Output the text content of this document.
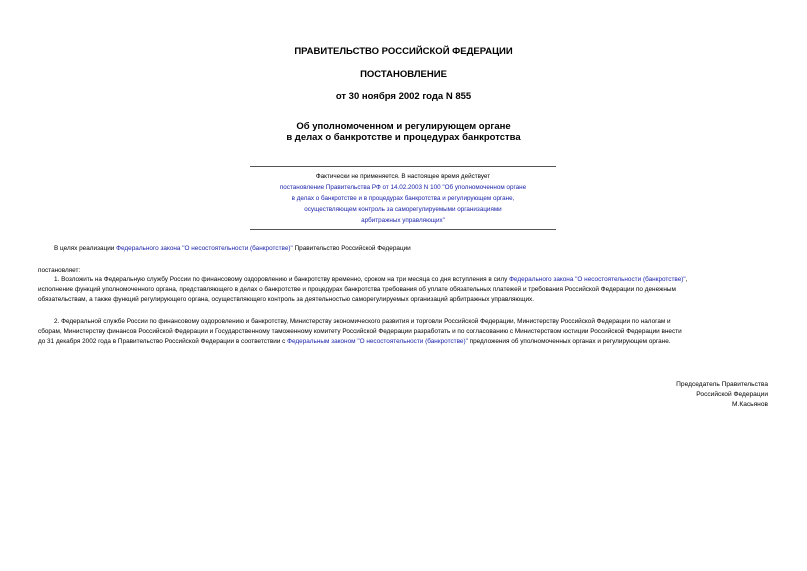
ПРАВИТЕЛЬСТВО РОССИЙСКОЙ ФЕДЕРАЦИИ
ПОСТАНОВЛЕНИЕ
от 30 ноября 2002 года N 855
Об уполномоченном и регулирующем органе
в делах о банкротстве и процедурах банкротства
Фактически не применяется. В настоящее время действует
постановление Правительства РФ от 14.02.2003 N 100 "Об уполномоченном органе
в делах о банкротстве и в процедурах банкротства и регулирующем органе,
осуществляющем контроль за саморегулируемыми организациями
арбитражных управляющих"
В целях реализации Федерального закона "О несостоятельности (банкротстве)" Правительство Российской Федерации
постановляет:
1. Возложить на Федеральную службу России по финансовому оздоровлению и банкротству временно, сроком на три месяца со дня вступления в силу Федерального закона "О несостоятельности (банкротстве)",
исполнение функций уполномоченного органа, представляющего в делах о банкротстве и процедурах банкротства требования об уплате обязательных платежей и требования Российской Федерации по денежным
обязательствам, а также функций регулирующего органа, осуществляющего контроль за деятельностью саморегулируемых организаций арбитражных управляющих.
2. Федеральной службе России по финансовому оздоровлению и банкротству, Министерству экономического развития и торговли Российской Федерации, Министерству Российской Федерации по налогам и
сборам, Министерству финансов Российской Федерации и Государственному таможенному комитету Российской Федерации разработать и по согласованию с Министерством юстиции Российской Федерации внести
до 31 декабря 2002 года в Правительство Российской Федерации в соответствии с Федеральным законом "О несостоятельности (банкротстве)" предложения об уполномоченных органах и регулирующем органе.
Председатель Правительства
Российской Федерации
М.Касьянов
